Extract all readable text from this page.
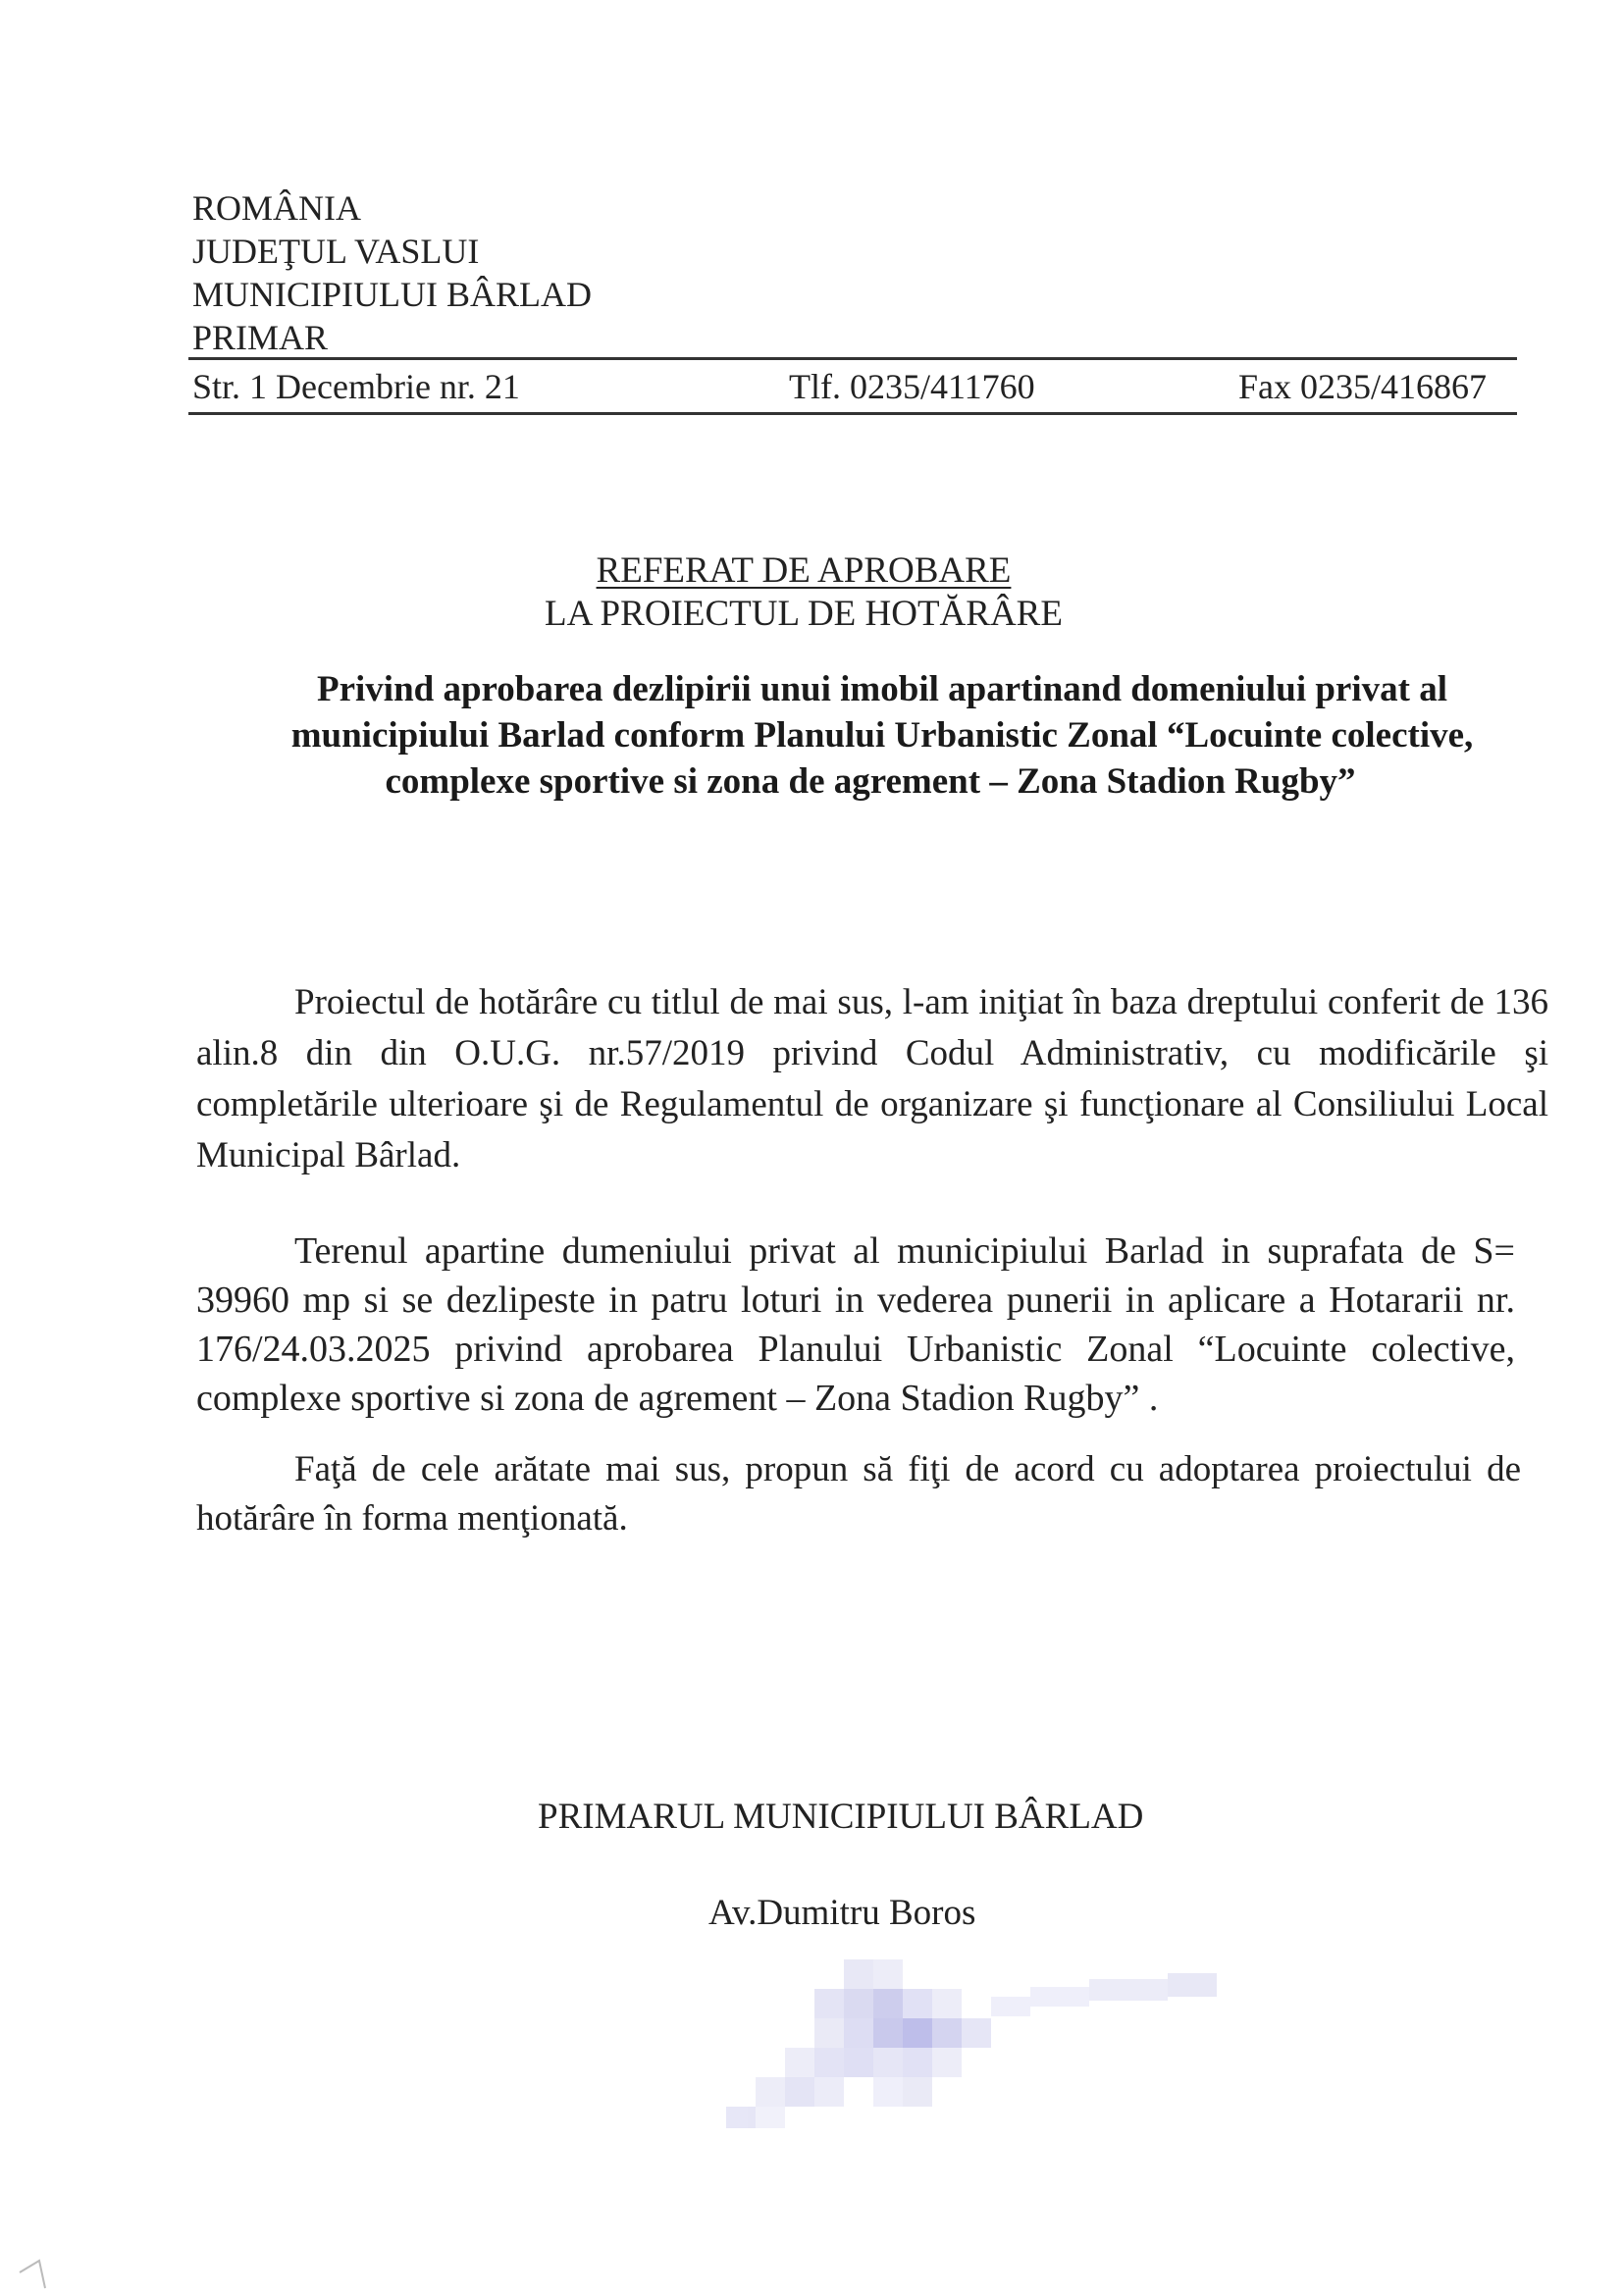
ROMÂNIA
JUDEŢUL VASLUI
MUNICIPIULUI BÂRLAD
PRIMAR
Str. 1 Decembrie nr. 21	Tlf. 0235/411760	Fax 0235/416867
REFERAT DE APROBARE
LA PROIECTUL DE HOTĂRÂRE
Privind aprobarea dezlipirii unui imobil apartinand domeniului privat al
municipiului Barlad conform Planului Urbanistic Zonal “Locuinte colective,
complexe sportive si zona de agrement – Zona Stadion Rugby”
Proiectul de hotărâre cu titlul de mai sus, l-am iniţiat în baza dreptului conferit de 136 alin.8 din din O.U.G. nr.57/2019 privind Codul Administrativ, cu modificările şi completările ulterioare şi de Regulamentul de organizare şi funcţionare al Consiliului Local Municipal Bârlad.
Terenul apartine dumeniului privat al municipiului Barlad in suprafata de S= 39960 mp si se dezlipeste in patru loturi in vederea punerii in aplicare a Hotararii nr. 176/24.03.2025 privind aprobarea Planului Urbanistic Zonal “Locuinte colective, complexe sportive si zona de agrement – Zona Stadion Rugby” .
Faţă de cele arătate mai sus, propun să fiţi de acord cu adoptarea proiectului de hotărâre în forma menţionată.
PRIMARUL MUNICIPIULUI BÂRLAD
Av.Dumitru Boros
